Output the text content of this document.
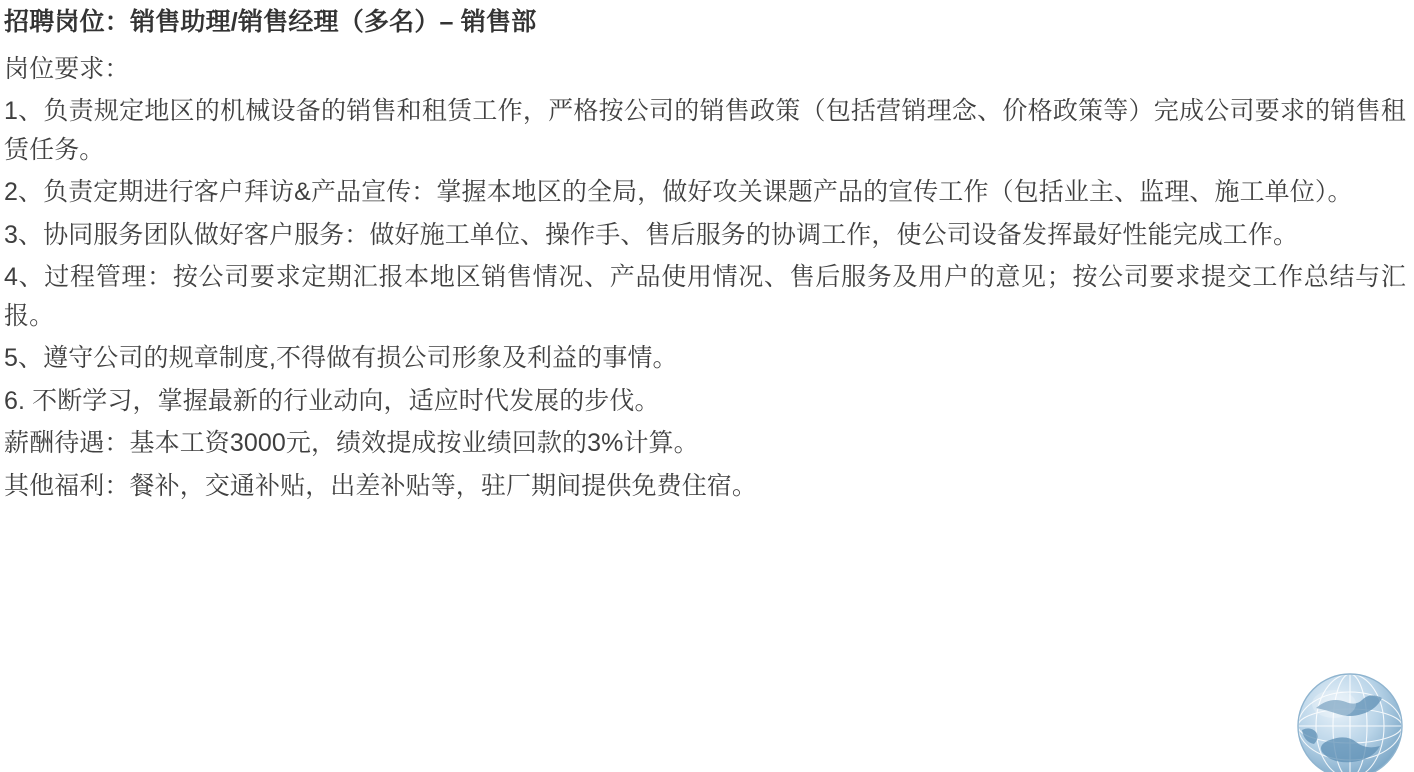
招聘岗位：销售助理/销售经理（多名）– 销售部

岗位要求：

1、负责规定地区的机械设备的销售和租赁工作，严格按公司的销售政策（包括营销理念、价格政策等）完成公司要求的销售租赁任务。

2、负责定期进行客户拜访&产品宣传：掌握本地区的全局，做好攻关课题产品的宣传工作（包括业主、监理、施工单位）。

3、协同服务团队做好客户服务：做好施工单位、操作手、售后服务的协调工作，使公司设备发挥最好性能完成工作。

4、过程管理：按公司要求定期汇报本地区销售情况、产品使用情况、售后服务及用户的意见；按公司要求提交工作总结与汇报。

5、遵守公司的规章制度,不得做有损公司形象及利益的事情。

6. 不断学习，掌握最新的行业动向，适应时代发展的步伐。

薪酬待遇：基本工资3000元，绩效提成按业绩回款的3%计算。

其他福利：餐补，交通补贴，出差补贴等，驻厂期间提供免费住宿。
